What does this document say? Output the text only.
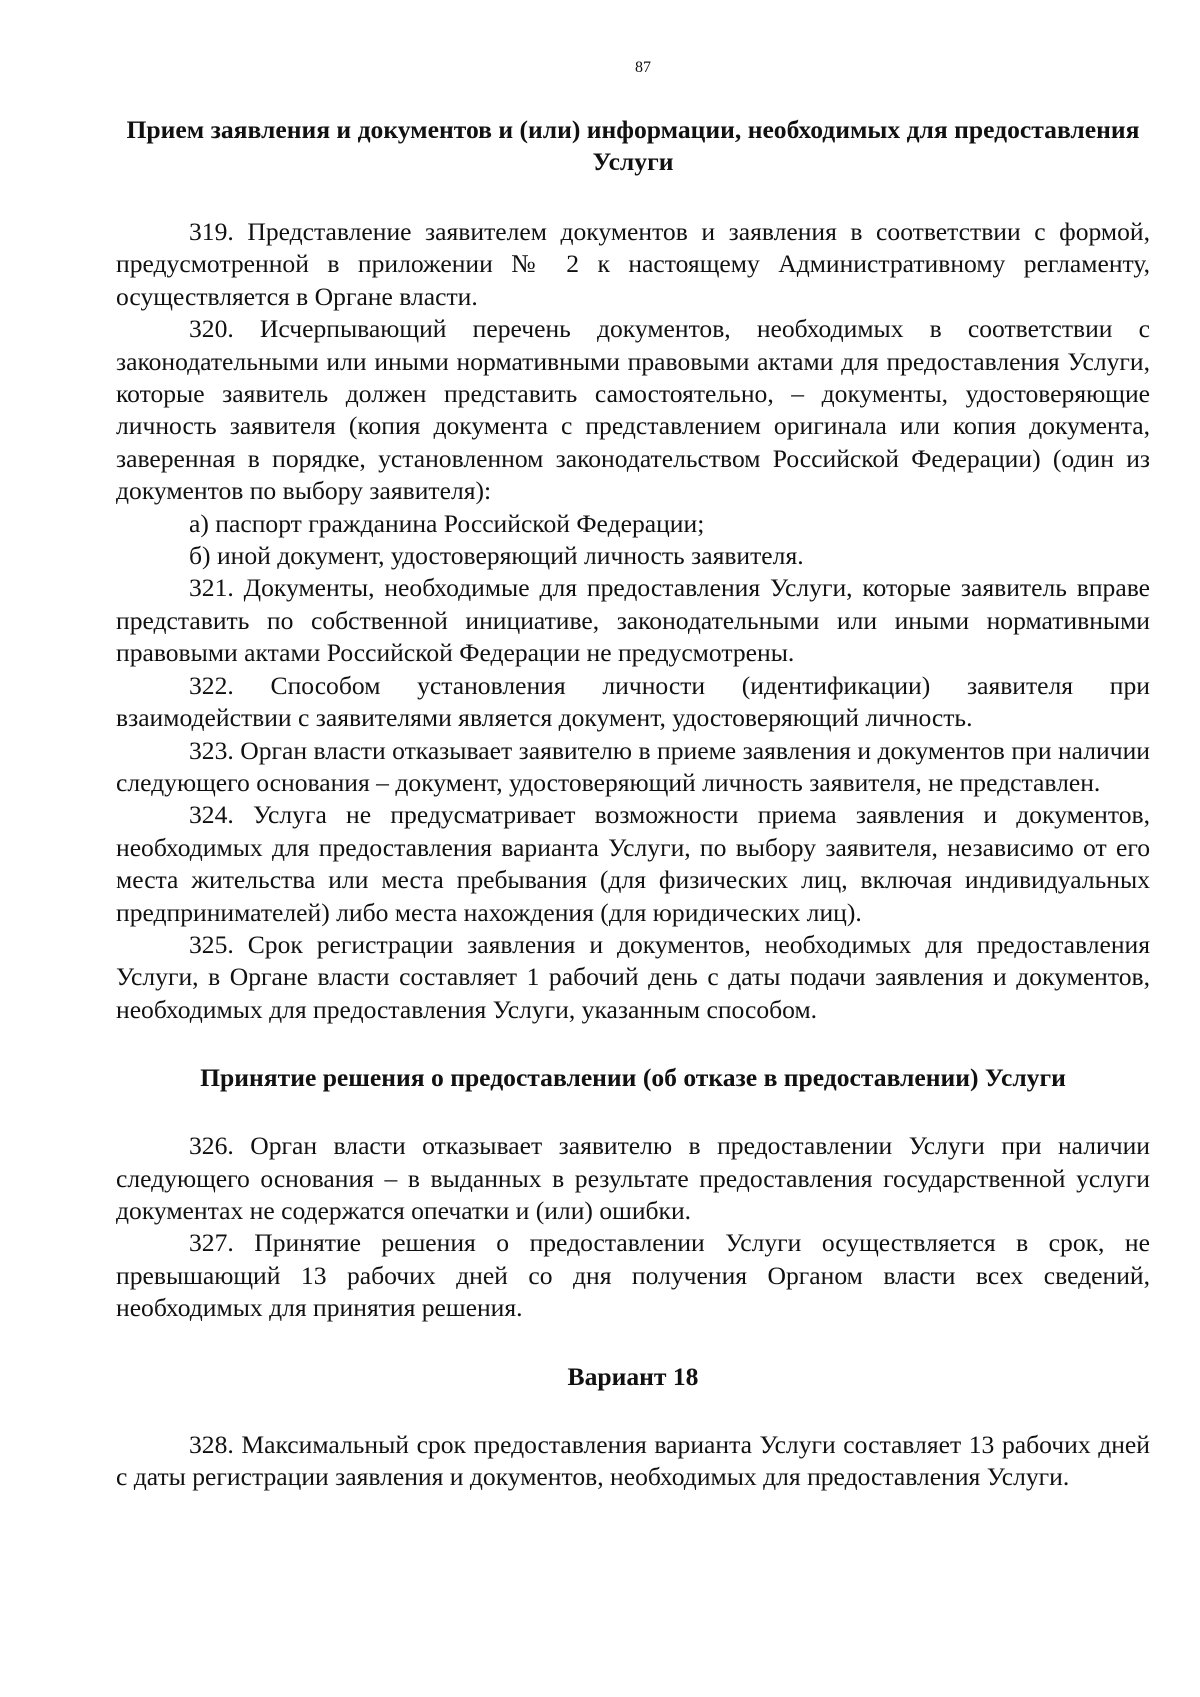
87
Прием заявления и документов и (или) информации, необходимых для предоставления Услуги

319. Представление заявителем документов и заявления в соответствии с формой, предусмотренной в приложении № 2 к настоящему Административному регламенту, осуществляется в Органе власти.

320. Исчерпывающий перечень документов, необходимых в соответствии с законодательными или иными нормативными правовыми актами для предоставления Услуги, которые заявитель должен представить самостоятельно, – документы, удостоверяющие личность заявителя (копия документа с представлением оригинала или копия документа, заверенная в порядке, установленном законодательством Российской Федерации) (один из документов по выбору заявителя):

а) паспорт гражданина Российской Федерации;

б) иной документ, удостоверяющий личность заявителя.

321. Документы, необходимые для предоставления Услуги, которые заявитель вправе представить по собственной инициативе, законодательными или иными нормативными правовыми актами Российской Федерации не предусмотрены.

322. Способом установления личности (идентификации) заявителя при взаимодействии с заявителями является документ, удостоверяющий личность.

323. Орган власти отказывает заявителю в приеме заявления и документов при наличии следующего основания – документ, удостоверяющий личность заявителя, не представлен.

324. Услуга не предусматривает возможности приема заявления и документов, необходимых для предоставления варианта Услуги, по выбору заявителя, независимо от его места жительства или места пребывания (для физических лиц, включая индивидуальных предпринимателей) либо места нахождения (для юридических лиц).

325. Срок регистрации заявления и документов, необходимых для предоставления Услуги, в Органе власти составляет 1 рабочий день с даты подачи заявления и документов, необходимых для предоставления Услуги, указанным способом.

Принятие решения о предоставлении (об отказе в предоставлении) Услуги

326. Орган власти отказывает заявителю в предоставлении Услуги при наличии следующего основания – в выданных в результате предоставления государственной услуги документах не содержатся опечатки и (или) ошибки.

327. Принятие решения о предоставлении Услуги осуществляется в срок, не превышающий 13 рабочих дней со дня получения Органом власти всех сведений, необходимых для принятия решения.

Вариант 18

328. Максимальный срок предоставления варианта Услуги составляет 13 рабочих дней с даты регистрации заявления и документов, необходимых для предоставления Услуги.
